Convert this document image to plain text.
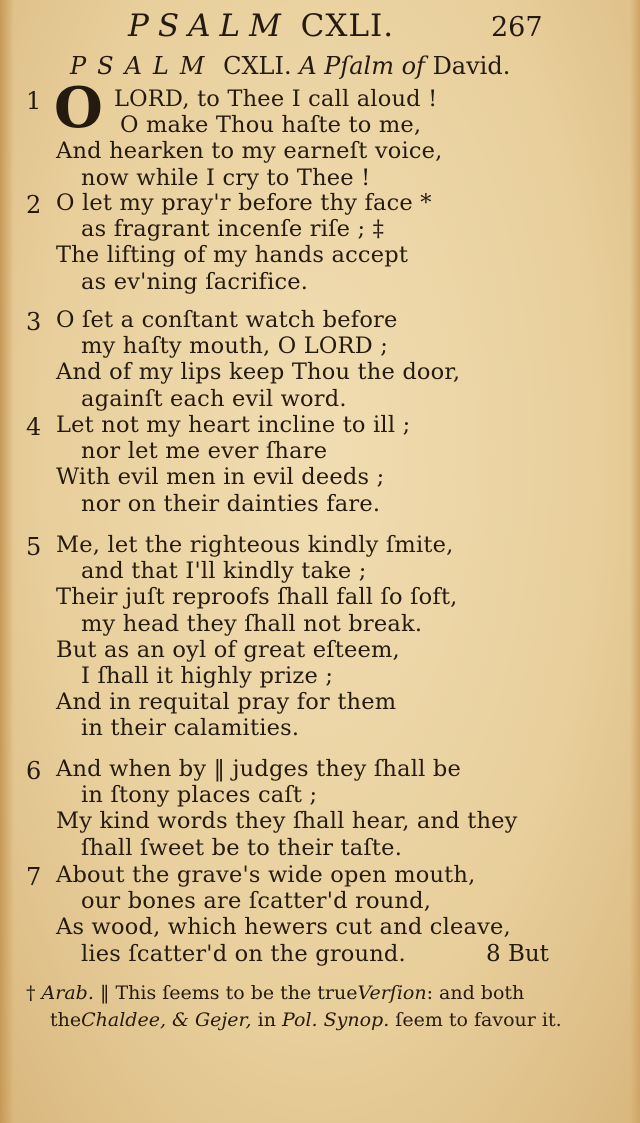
PSALM CXLI.	267
PSALM CXLI. A Pſalm of David.
O
1	LORD, to Thee I call aloud !
O make Thou haſte to me,
And hearken to my earneſt voice,
now while I cry to Thee !
2 O let my pray'r before thy face *
as fragrant incenſe riſe ; ‡
The lifting of my hands accept
as ev'ning ſacrifice.
3 O ſet a conſtant watch before
my haſty mouth, O LORD ;
And of my lips keep Thou the door,
againſt each evil word.
4 Let not my heart incline to ill ;
nor let me ever ſhare
With evil men in evil deeds ;
nor on their dainties fare.
5 Me, let the righteous kindly ſmite,
and that I'll kindly take ;
Their juſt reproofs ſhall fall ſo ſoft,
my head they ſhall not break.
But as an oyl of great eſteem,
I ſhall it highly prize ;
And in requital pray for them
in their calamities.
6 And when by ‖ judges they ſhall be
in ſtony places caſt ;
My kind words they ſhall hear, and they
ſhall ſweet be to their taſte.
7 About the grave's wide open mouth,
our bones are ſcatter'd round,
As wood, which hewers cut and cleave,
lies ſcatter'd on the ground.	8 But
† Arab. ‖ This ſeems to be the trueVerſion: and both
theChaldee, & Gejer, in Pol. Synop. ſeem to favour it.
